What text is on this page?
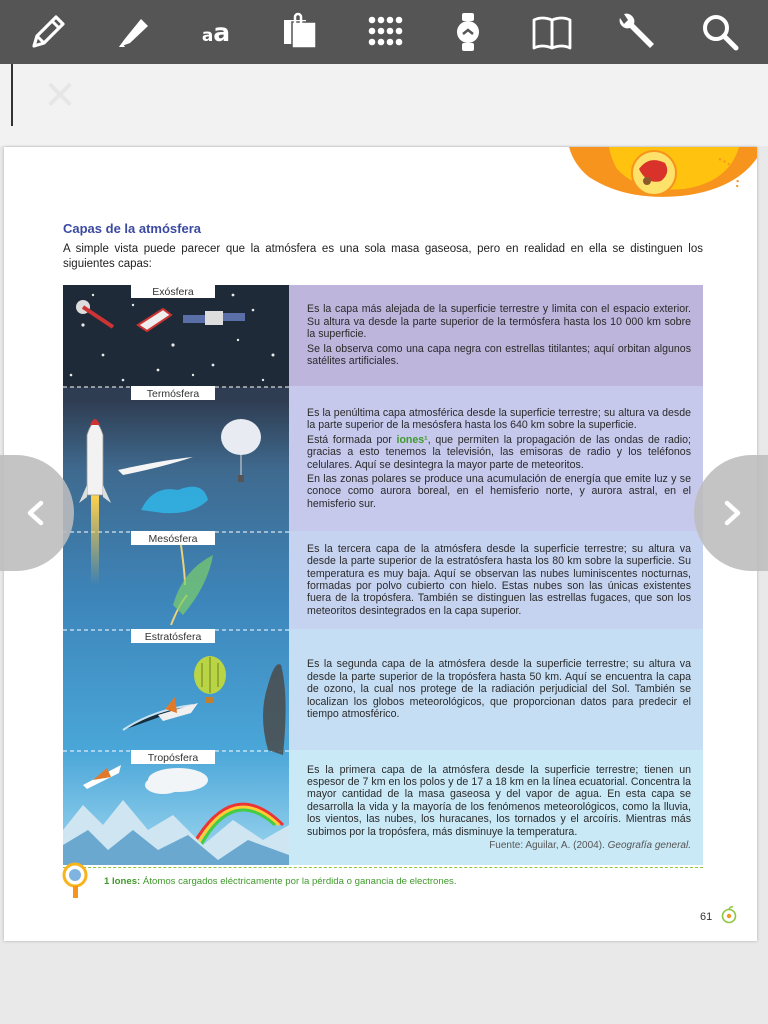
aa
✕
Capas de la atmósfera
A simple vista puede parecer que la atmósfera es una sola masa gaseosa, pero en realidad en ella se distinguen los siguientes capas:
Exósfera
Termósfera
Mesósfera
Estratósfera
Tropósfera

Es la capa más alejada de la superficie terrestre y limita con el espacio exterior. Su altura va desde la parte superior de la termósfera hasta los 10 000 km sobre la superficie.

Se la observa como una capa negra con estrellas titilantes; aquí orbitan algunos satélites artificiales.

Es la penúltima capa atmosférica desde la superficie terrestre; su altura va desde la parte superior de la mesósfera hasta los 640 km sobre la superficie.

Está formada por iones¹, que permiten la propagación de las ondas de radio; gracias a esto tenemos la televisión, las emisoras de radio y los teléfonos celulares. Aquí se desintegra la mayor parte de meteoritos.

En las zonas polares se produce una acumulación de energía que emite luz y se conoce como aurora boreal, en el hemisferio norte, y aurora astral, en el hemisferio sur.

Es la tercera capa de la atmósfera desde la superficie terrestre; su altura va desde la parte superior de la estratósfera hasta los 80 km sobre la superficie. Su temperatura es muy baja. Aquí se observan las nubes luminiscentes nocturnas, formadas por polvo cubierto con hielo. Estas nubes son las únicas existentes fuera de la tropósfera. También se distinguen las estrellas fugaces, que son los meteoritos desintegrados en la capa superior.

Es la segunda capa de la atmósfera desde la superficie terrestre; su altura va desde la parte superior de la tropósfera hasta 50 km. Aquí se encuentra la capa de ozono, la cual nos protege de la radiación perjudicial del Sol. También se localizan los globos meteorológicos, que proporcionan datos para predecir el tiempo atmosférico.

Es la primera capa de la atmósfera desde la superficie terrestre; tienen un espesor de 7 km en los polos y de 17 a 18 km en la línea ecuatorial. Concentra la mayor cantidad de la masa gaseosa y del vapor de agua. En esta capa se desarrolla la vida y la mayoría de los fenómenos meteorológicos, como la lluvia, los vientos, las nubes, los huracanes, los tornados y el arcoíris. Mientras más subimos por la tropósfera, más disminuye la temperatura.

Fuente: Aguilar, A. (2004). Geografía general.
1 Iones: Átomos cargados eléctricamente por la pérdida o ganancia de electrones.
61
